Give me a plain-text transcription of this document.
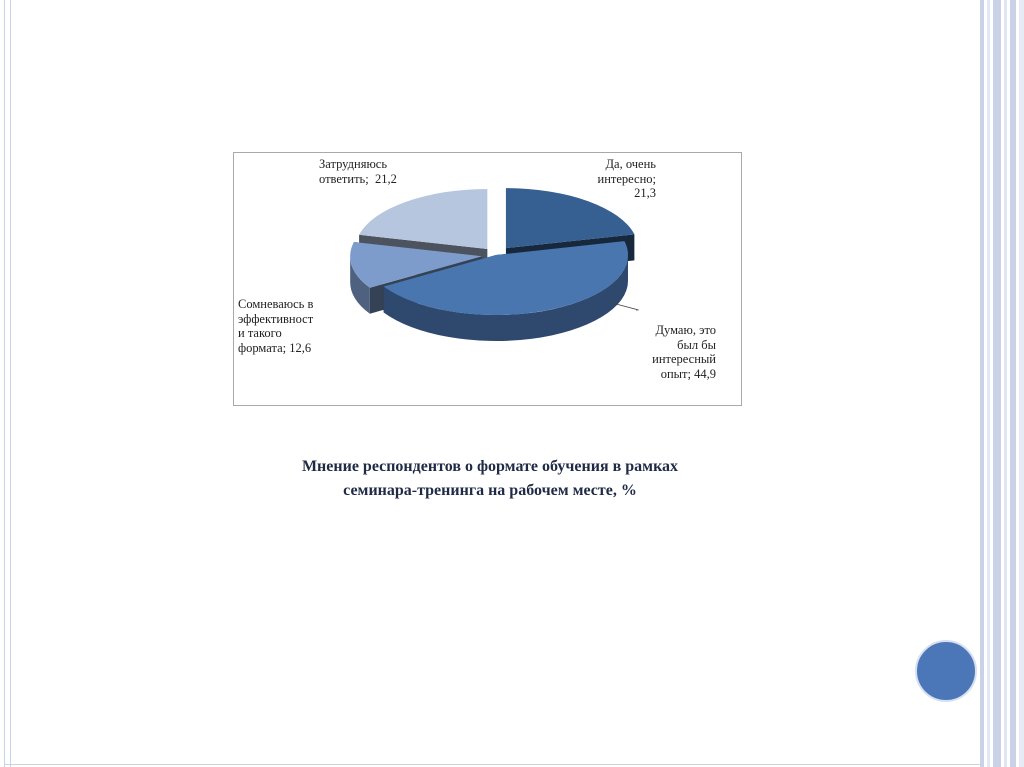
Затрудняюсь
ответить;  21,2
Да, очень
интересно;
21,3
Сомневаюсь в
эффективност
и такого
формата; 12,6
Думаю, это
был бы
интересный
опыт; 44,9
Мнение респондентов о формате обучения в рамках
семинара-тренинга на рабочем месте, %
